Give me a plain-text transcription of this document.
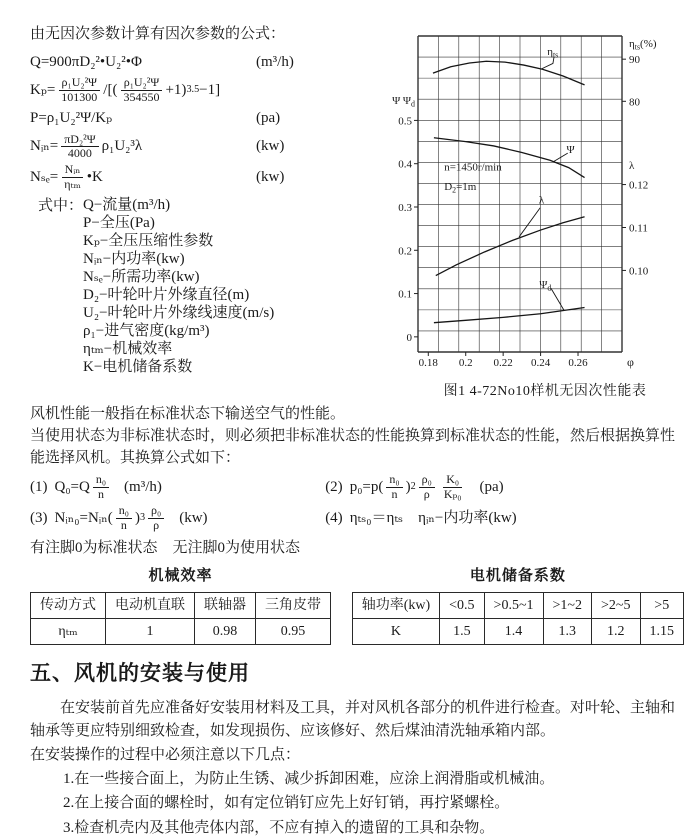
由无因次参数计算有因次参数的公式：
Q=900πD₂²•U₂²•Φ	(m³/h)
$K_p= \frac{\text{ρ₁U₂²Ψ}}{101300}$ /[( $\frac{\text{ρ₁U₂²Ψ}}{354550} +1$) 3.5 −1]
P=ρ₁U₂²Ψ/Kₚ	(pa)
Nᵢₙ= $\frac{\text{πD₂²Ψ}}{4000} \rho_1U_2^3\lambda$	(kw)
$N_{se}= \frac{\text{Nᵢₙ}}{\text{ηₜₘ}}$ •K	(kw)
式中： Q−流量(m³/h)
P−全压(Pa)
Kₚ−全压压缩性参数
Nᵢₙ−内功率(kw)
Nₛₑ−所需功率(kw)
D₂−叶轮叶片外缘直径(m)
U₂−叶轮叶片外缘线速度(m/s)
ρ₁−进气密度(kg/m³)
ηₜₘ−机械效率
K−电机储备系数	0.18 0.2 0.22 0.24 0.26	φ
Ψ $\Psi_d$
0.5
0.4
0.3
0.2
0.1
0
$\eta_{ts}(\%)$
90
80
λ
0.12
0.11
0.10
n=1450r/min
$D_2=1m$
$\eta_{ts}$
Ψ
λ
$\Psi_d$
图1 4-72No10样机无因次性能表
风机性能一般指在标准状态下输送空气的性能。
当使用状态为非标准状态时，则必须把非标准状态的性能换算到标准状态的性能，然后根据换算性能选择风机。其换算公式如下：
(1) $Q_0=Q \frac{\text{n₀}}{n} (m^3/h)$	(2) $p_0=p( \frac{\text{n₀}}{n}$ ) $2 \frac{\text{ρ₀}}{\rho} \frac{\text{K₀}}{\text{Kₚ₀}} (pa)$
(3) Nᵢₙ₀=Nᵢₙ( $\frac{\text{n₀}}{n}$ ) $3 \frac{\text{ρ₀}}{\rho} (kw)$	(4) ηₜₛ₀＝ηₜₛ　ηᵢₙ−内功率(kw)
有注脚0为标准状态　无注脚0为使用状态
机械效率
传动方式	电动机直联	联轴器	三角皮带
ηₜₘ	1	0.98	0.95
电机储备系数
轴功率(kw)	<0.5	>0.5~1	>1~2	>2~5	>5
K	1.5	1.4	1.3	1.2	1.15
五、风机的安装与使用
在安装前首先应准备好安装用材料及工具，并对风机各部分的机件进行检查。对叶轮、主轴和轴承等更应特别细致检查，如发现损伤、应该修好、然后煤油清洗轴承箱内部。
在安装操作的过程中必须注意以下几点：
1.在一些接合面上，为防止生锈、减少拆卸困难，应涂上润滑脂或机械油。
2.在上接合面的螺栓时，如有定位销钉应先上好钉销，再拧紧螺栓。
3.检查机壳内及其他壳体内部，不应有掉入的遗留的工具和杂物。
